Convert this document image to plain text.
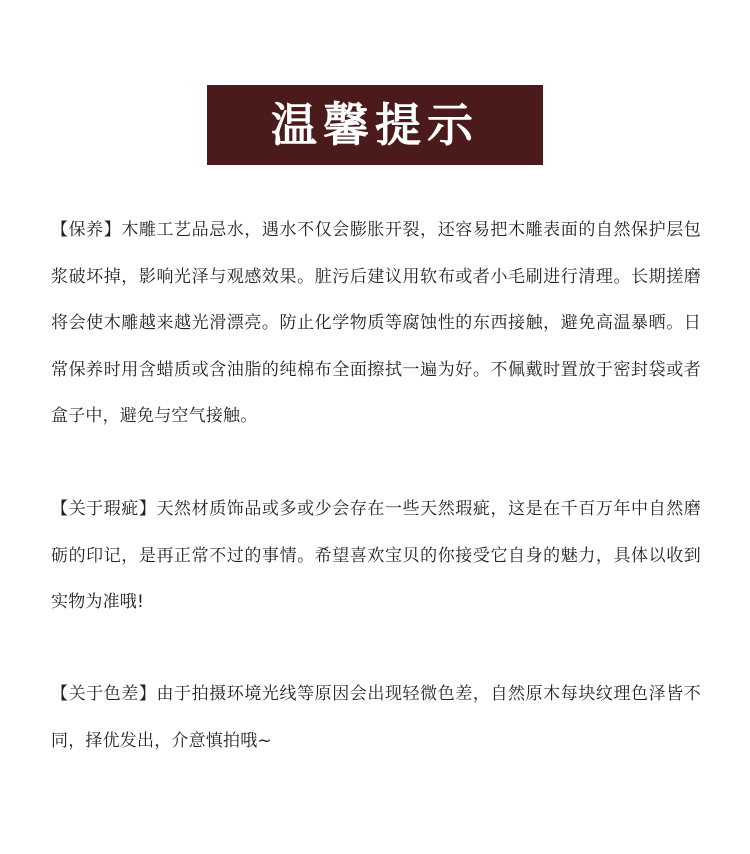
温馨提示
【保养】木雕工艺品忌水，遇水不仅会膨胀开裂，还容易把木雕表面的自然保护层包浆破坏掉，影响光泽与观感效果。脏污后建议用软布或者小毛刷进行清理。长期搓磨将会使木雕越来越光滑漂亮。防止化学物质等腐蚀性的东西接触，避免高温暴晒。日常保养时用含蜡质或含油脂的纯棉布全面擦拭一遍为好。不佩戴时置放于密封袋或者盒子中，避免与空气接触。
【关于瑕疵】天然材质饰品或多或少会存在一些天然瑕疵，这是在千百万年中自然磨砺的印记，是再正常不过的事情。希望喜欢宝贝的你接受它自身的魅力，具体以收到实物为准哦!
【关于色差】由于拍摄环境光线等原因会出现轻微色差，自然原木每块纹理色泽皆不同，择优发出，介意慎拍哦~
